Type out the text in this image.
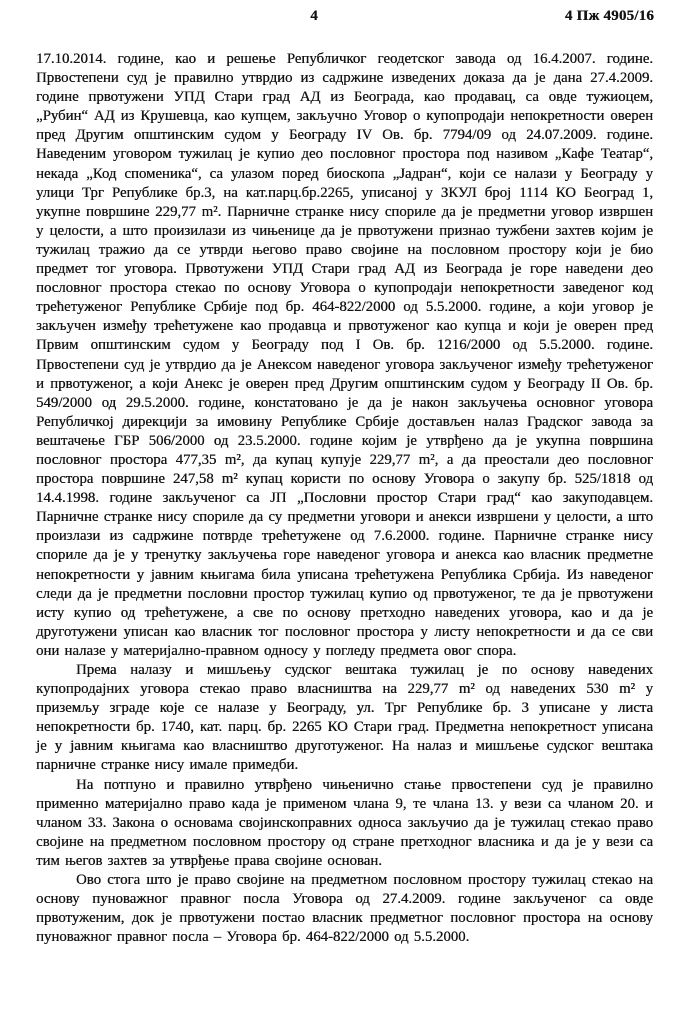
4	4 Пж 4905/16

17.10.2014. године, као и решење Републичког геодетског завода од 16.4.2007. године. Првостепени суд је правилно утврдио из садржине изведених доказа да је дана 27.4.2009. године првотужени УПД Стари град АД из Београда, као продавац, са овде тужиоцем, „Рубин“ АД из Крушевца, као купцем, закључно Уговор о купопродаји непокретности оверен пред Другим општинским судом у Београду IV Ов. бр. 7794/09 од 24.07.2009. године. Наведеним уговором тужилац је купио део пословног простора под називом „Кафе Театар“, некада „Код споменика“, са улазом поред биоскопа „Јадран“, који се налази у Београду у улици Трг Републике бр.3, на кат.парц.бр.2265, уписаној у ЗКУЛ број 1114 КО Београд 1, укупне површине 229,77 m². Парничне странке нису спориле да је предметни уговор извршен у целости, а што произилази из чињенице да је првотужени признао тужбени захтев којим је тужилац тражио да се утврди његово право својине на пословном простору који је био предмет тог уговора. Првотужени УПД Стари град АД из Београда је горе наведени део пословног простора стекао по основу Уговора о купопродаји непокретности заведеног код трећетуженог Републике Србије под бр. 464-822/2000 од 5.5.2000. године, а који уговор је закључен између трећетужене као продавца и првотуженог као купца и који је оверен пред Првим општинским судом у Београду под I Ов. бр. 1216/2000 од 5.5.2000. године. Првостепени суд је утврдио да је Анексом наведеног уговора закљученог између трећетуженог и првотуженог, а који Анекс је оверен пред Другим општинским судом у Београду II Ов. бр. 549/2000 од 29.5.2000. године, констатовано је да је након закључења основног уговора Републичкој дирекцији за имовину Републике Србије достављен налаз Градског завода за вештачење ГБР 506/2000 од 23.5.2000. године којим је утврђено да је укупна површина пословног простора 477,35 m², да купац купује 229,77 m², а да преостали део пословног простора површине 247,58 m² купац користи по основу Уговора о закупу бр. 525/1818 од 14.4.1998. године закљученог са ЈП „Пословни простор Стари град“ као закуподавцем. Парничне странке нису спориле да су предметни уговори и анекси извршени у целости, а што произлази из садржине потврде трећетужене од 7.6.2000. године. Парничне странке нису спориле да је у тренутку закључења горе наведеног уговора и анекса као власник предметне непокретности у јавним књигама била уписана трећетужена Република Србија. Из наведеног следи да је предметни пословни простор тужилац купио од првотуженог, те да је првотужени исту купио од трећетужене, а све по основу претходно наведених уговора, као и да је друготужени уписан као власник тог пословног простора у листу непокретности и да се сви они налазе у материјално-правном односу у погледу предмета овог спора.

Према налазу и мишљењу судског вештака тужилац је по основу наведених купопродајних уговора стекао право власништва на 229,77 m² од наведених 530 m² у приземљу зграде које се налазе у Београду, ул. Трг Републике бр. 3 уписане у листа непокретности бр. 1740, кат. парц. бр. 2265 КО Стари град. Предметна непокретност уписана је у јавним књигама као власништво друготуженог. На налаз и мишљење судског вештака парничне странке нису имале примедби.

На потпуно и правилно утврђено чињенично стање првостепени суд је правилно применно материјално право када је применом члана 9, те члана 13. у вези са чланом 20. и чланом 33. Закона о основама својинскоправних односа закључио да је тужилац стекао право својине на предметном пословном простору од стране претходног власника и да је у вези са тим његов захтев за утврђење права својине основан.

Ово стога што је право својине на предметном пословном простору тужилац стекао на основу пуноважног правног посла Уговора од 27.4.2009. године закљученог са овде првотуженим, док је првотужени постао власник предметног пословног простора на основу пуноважног правног посла – Уговора бр. 464-822/2000 од 5.5.2000.
